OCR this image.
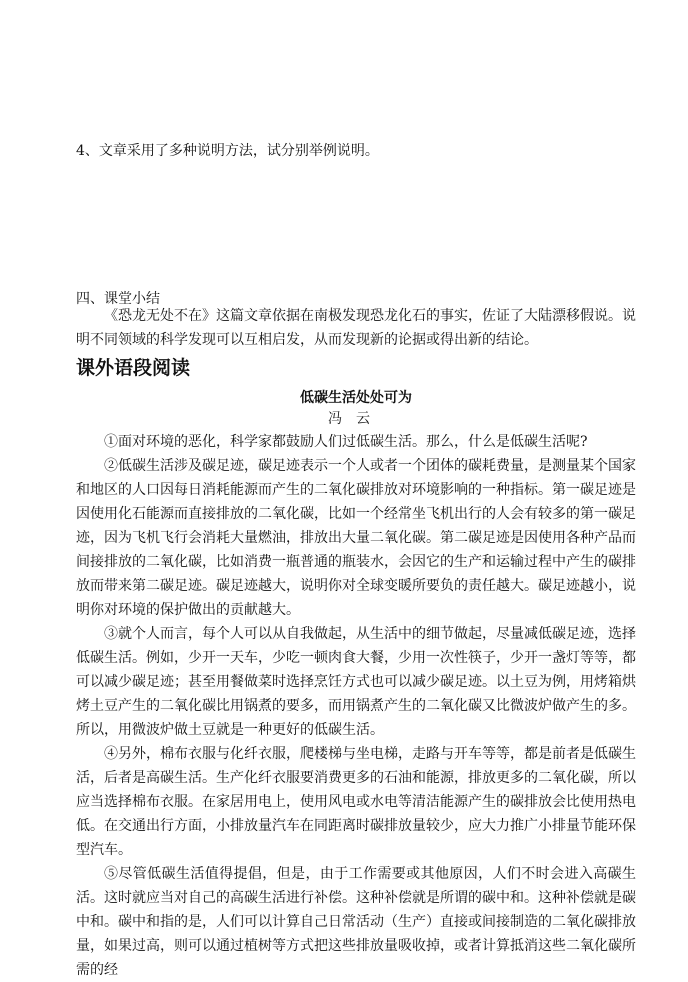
4、文章采用了多种说明方法，试分别举例说明。
四、课堂小结
《恐龙无处不在》这篇文章依据在南极发现恐龙化石的事实，佐证了大陆漂移假说。说明不同领域的科学发现可以互相启发，从而发现新的论据或得出新的结论。
课外语段阅读
低碳生活处处可为
冯云

①面对环境的恶化，科学家都鼓励人们过低碳生活。那么，什么是低碳生活呢?

②低碳生活涉及碳足迹，碳足迹表示一个人或者一个团体的碳耗费量，是测量某个国家和地区的人口因每日消耗能源而产生的二氧化碳排放对环境影响的一种指标。第一碳足迹是因使用化石能源而直接排放的二氧化碳，比如一个经常坐飞机出行的人会有较多的第一碳足迹，因为飞机飞行会消耗大量燃油，排放出大量二氧化碳。第二碳足迹是因使用各种产品而间接排放的二氧化碳，比如消费一瓶普通的瓶装水，会因它的生产和运输过程中产生的碳排放而带来第二碳足迹。碳足迹越大，说明你对全球变暖所要负的责任越大。碳足迹越小，说明你对环境的保护做出的贡献越大。

③就个人而言，每个人可以从自我做起，从生活中的细节做起，尽量减低碳足迹，选择低碳生活。例如，少开一天车，少吃一顿肉食大餐，少用一次性筷子，少开一盏灯等等，都可以减少碳足迹；甚至用餐做菜时选择烹饪方式也可以减少碳足迹。以土豆为例，用烤箱烘烤土豆产生的二氧化碳比用锅煮的要多，而用锅煮产生的二氧化碳又比微波炉做产生的多。所以，用微波炉做土豆就是一种更好的低碳生活。

④另外，棉布衣服与化纤衣服，爬楼梯与坐电梯，走路与开车等等，都是前者是低碳生活，后者是高碳生活。生产化纤衣服要消费更多的石油和能源，排放更多的二氧化碳，所以应当选择棉布衣服。在家居用电上，使用风电或水电等清洁能源产生的碳排放会比使用热电低。在交通出行方面，小排放量汽车在同距离时碳排放量较少，应大力推广小排量节能环保型汽车。

⑤尽管低碳生活值得提倡，但是，由于工作需要或其他原因，人们不时会进入高碳生活。这时就应当对自己的高碳生活进行补偿。这种补偿就是所谓的碳中和。这种补偿就是碳中和。碳中和指的是，人们可以计算自己日常活动（生产）直接或间接制造的二氧化碳排放量，如果过高，则可以通过植树等方式把这些排放量吸收掉，或者计算抵消这些二氧化碳所需的经
